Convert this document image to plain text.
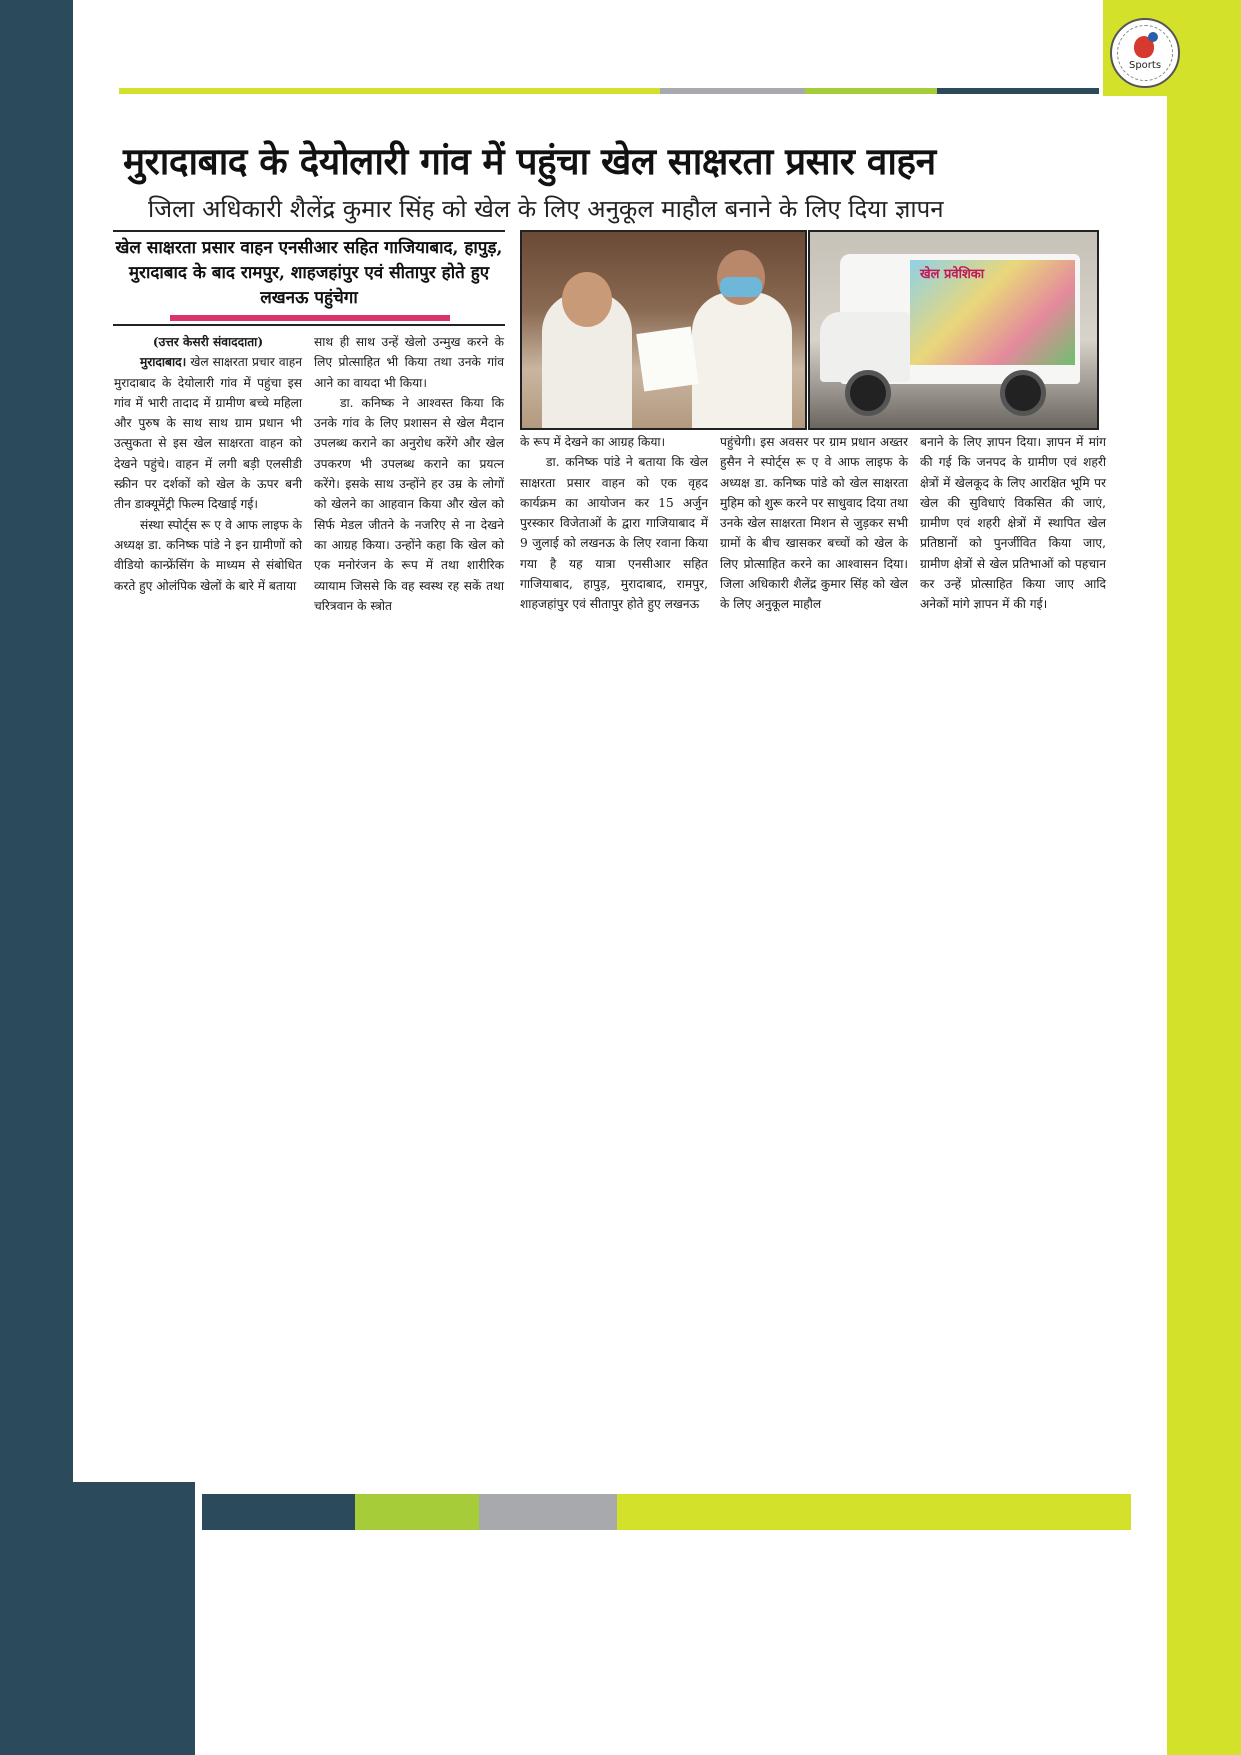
Sports
मुरादाबाद के देयोलारी गांव में पहुंचा खेल साक्षरता प्रसार वाहन
जिला अधिकारी शैलेंद्र कुमार सिंह को खेल के लिए अनुकूल माहौल बनाने के लिए दिया ज्ञापन
खेल साक्षरता प्रसार वाहन एनसीआर सहित गाजियाबाद, हापुड़, मुरादाबाद के बाद रामपुर, शाहजहांपुर एवं सीतापुर होते हुए लखनऊ पहुंचेगा
खेल प्रवेशिका

(उत्तर केसरी संवाददाता)

मुरादाबाद। खेल साक्षरता प्रचार वाहन मुरादाबाद के देयोलारी गांव में पहुंचा इस गांव में भारी तादाद में ग्रामीण बच्चे महिला और पुरुष के साथ साथ ग्राम प्रधान भी उत्सुकता से इस खेल साक्षरता वाहन को देखने पहुंचे। वाहन में लगी बड़ी एलसीडी स्क्रीन पर दर्शकों को खेल के ऊपर बनी तीन डाक्यूमेंट्री फिल्म दिखाई गई।

संस्था स्पोर्ट्स रू ए वे आफ लाइफ के अध्यक्ष डा. कनिष्क पांडे ने इन ग्रामीणों को वीडियो कान्फ्रेंसिंग के माध्यम से संबोधित करते हुए ओलंपिक खेलों के बारे में बताया

साथ ही साथ उन्हें खेलो उन्मुख करने के लिए प्रोत्साहित भी किया तथा उनके गांव आने का वायदा भी किया।

डा. कनिष्क ने आश्वस्त किया कि उनके गांव के लिए प्रशासन से खेल मैदान उपलब्ध कराने का अनुरोध करेंगे और खेल उपकरण भी उपलब्ध कराने का प्रयत्न करेंगे। इसके साथ उन्होंने हर उम्र के लोगों को खेलने का आहवान किया और खेल को सिर्फ मेडल जीतने के नजरिए से ना देखने का आग्रह किया। उन्होंने कहा कि खेल को एक मनोरंजन के रूप में तथा शारीरिक व्यायाम जिससे कि वह स्वस्थ रह सकें तथा चरित्रवान के स्त्रोत

के रूप में देखने का आग्रह किया।

डा. कनिष्क पांडे ने बताया कि खेल साक्षरता प्रसार वाहन को एक वृहद कार्यक्रम का आयोजन कर 15 अर्जुन पुरस्कार विजेताओं के द्वारा गाजियाबाद में 9 जुलाई को लखनऊ के लिए रवाना किया गया है यह यात्रा एनसीआर सहित गाजियाबाद, हापुड़, मुरादाबाद, रामपुर, शाहजहांपुर एवं सीतापुर होते हुए लखनऊ

पहुंचेगी। इस अवसर पर ग्राम प्रधान अख्तर हुसैन ने स्पोर्ट्स रू ए वे आफ लाइफ के अध्यक्ष डा. कनिष्क पांडे को खेल साक्षरता मुहिम को शुरू करने पर साधुवाद दिया तथा उनके खेल साक्षरता मिशन से जुड़कर सभी ग्रामों के बीच खासकर बच्चों को खेल के लिए प्रोत्साहित करने का आश्वासन दिया। जिला अधिकारी शैलेंद्र कुमार सिंह को खेल के लिए अनुकूल माहौल

बनाने के लिए ज्ञापन दिया। ज्ञापन में मांग की गई कि जनपद के ग्रामीण एवं शहरी क्षेत्रों में खेलकूद के लिए आरक्षित भूमि पर खेल की सुविधाएं विकसित की जाएं, ग्रामीण एवं शहरी क्षेत्रों में स्थापित खेल प्रतिष्ठानों को पुनर्जीवित किया जाए, ग्रामीण क्षेत्रों से खेल प्रतिभाओं को पहचान कर उन्हें प्रोत्साहित किया जाए आदि अनेकों मांगे ज्ञापन में की गई।
